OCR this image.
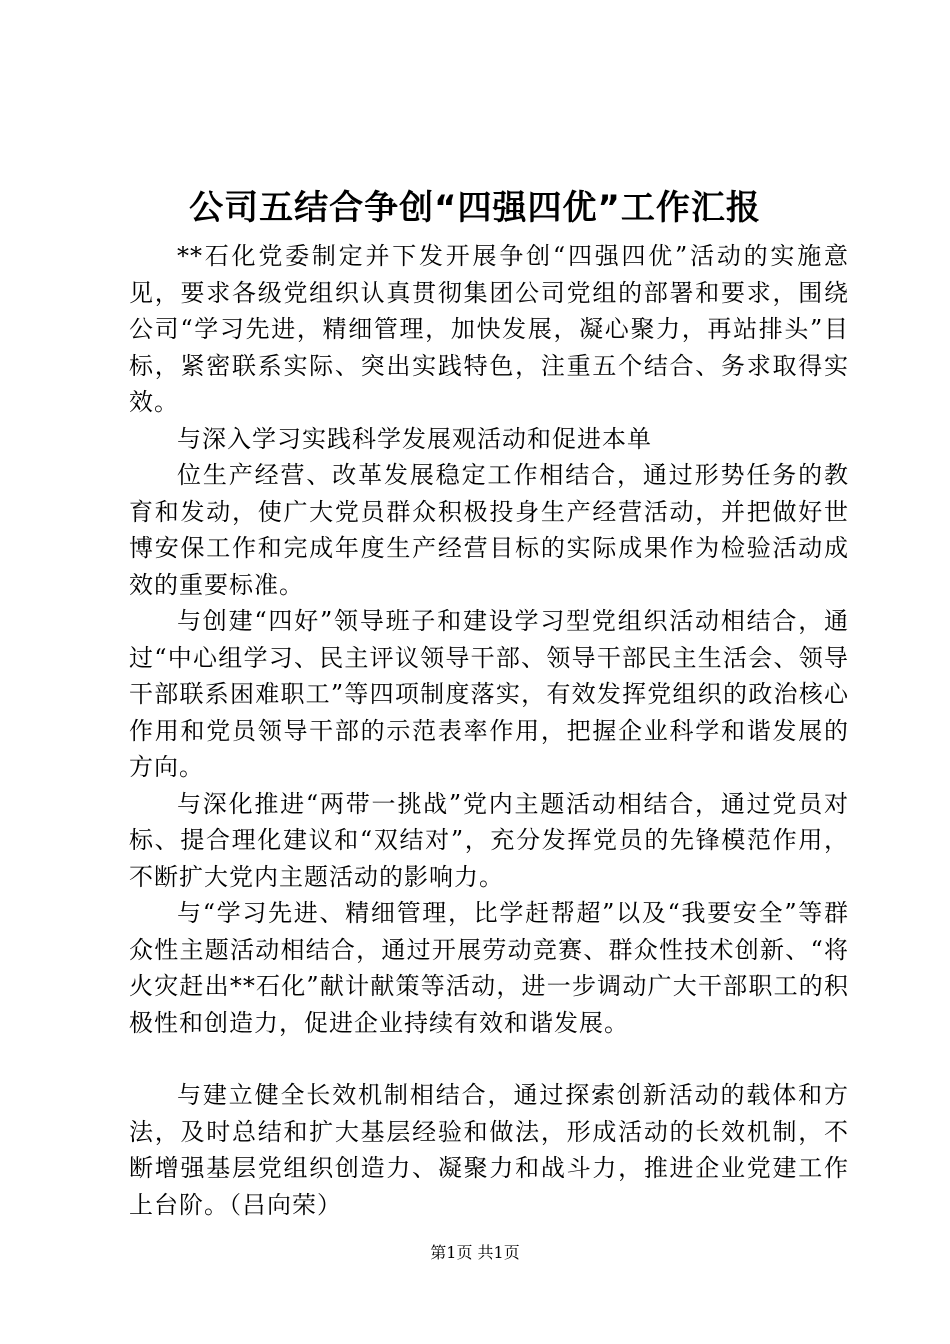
公司五结合争创“四强四优”工作汇报

**石化党委制定并下发开展争创“四强四优”活动的实施意见，要求各级党组织认真贯彻集团公司党组的部署和要求，围绕公司“学习先进，精细管理，加快发展，凝心聚力，再站排头”目标，紧密联系实际、突出实践特色，注重五个结合、务求取得实效。

与深入学习实践科学发展观活动和促进本单

位生产经营、改革发展稳定工作相结合，通过形势任务的教育和发动，使广大党员群众积极投身生产经营活动，并把做好世博安保工作和完成年度生产经营目标的实际成果作为检验活动成效的重要标准。

与创建“四好”领导班子和建设学习型党组织活动相结合，通过“中心组学习、民主评议领导干部、领导干部民主生活会、领导干部联系困难职工”等四项制度落实，有效发挥党组织的政治核心作用和党员领导干部的示范表率作用，把握企业科学和谐发展的方向。

与深化推进“两带一挑战”党内主题活动相结合，通过党员对标、提合理化建议和“双结对”，充分发挥党员的先锋模范作用，不断扩大党内主题活动的影响力。

与“学习先进、精细管理，比学赶帮超”以及“我要安全”等群众性主题活动相结合，通过开展劳动竞赛、群众性技术创新、“将火灾赶出**石化”献计献策等活动，进一步调动广大干部职工的积极性和创造力，促进企业持续有效和谐发展。

与建立健全长效机制相结合，通过探索创新活动的载体和方法，及时总结和扩大基层经验和做法，形成活动的长效机制，不断增强基层党组织创造力、凝聚力和战斗力，推进企业党建工作上台阶。（吕向荣）

第1页 共1页
